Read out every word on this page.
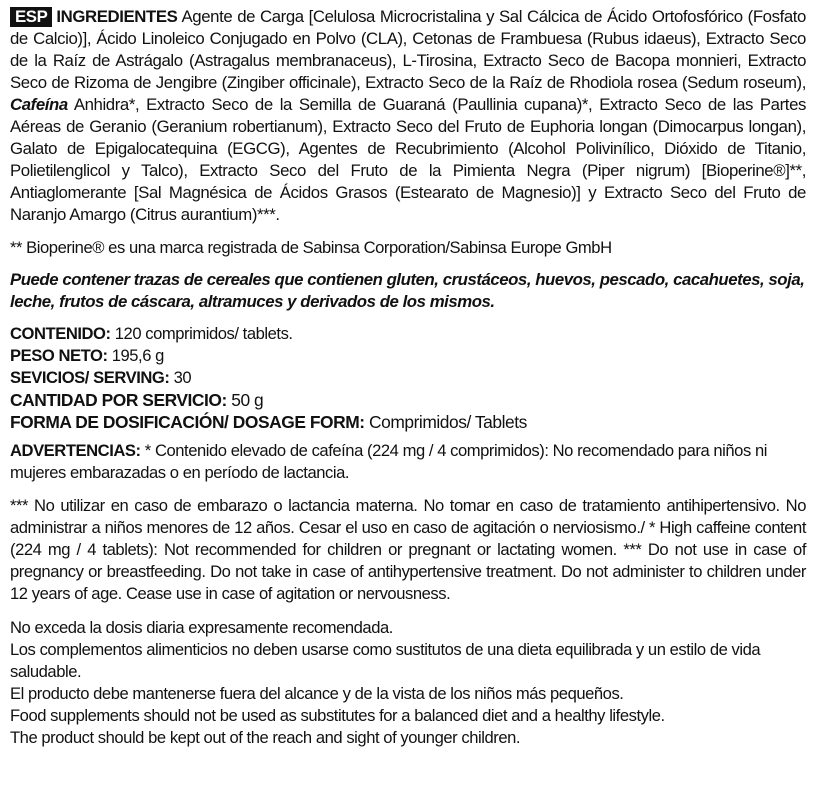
ESP INGREDIENTES Agente de Carga [Celulosa Microcristalina y Sal Cálcica de Ácido Ortofosfórico (Fosfato de Calcio)], Ácido Linoleico Conjugado en Polvo (CLA), Cetonas de Frambuesa (Rubus idaeus), Extracto Seco de la Raíz de Astrágalo (Astragalus membranaceus), L-Tirosina, Extracto Seco de Bacopa monnieri, Extracto Seco de Rizoma de Jengibre (Zingiber officinale), Extracto Seco de la Raíz de Rhodiola rosea (Sedum roseum), Cafeína Anhidra*, Extracto Seco de la Semilla de Guaraná (Paullinia cupana)*, Extracto Seco de las Partes Aéreas de Geranio (Geranium robertianum), Extracto Seco del Fruto de Euphoria longan (Dimocarpus longan), Galato de Epigalocatequina (EGCG), Agentes de Recubrimiento (Alcohol Polivinílico, Dióxido de Titanio, Polietilenglicol y Talco), Extracto Seco del Fruto de la Pimienta Negra (Piper nigrum) [Bioperine®]**, Antiaglomerante [Sal Magnésica de Ácidos Grasos (Estearato de Magnesio)] y Extracto Seco del Fruto de Naranjo Amargo (Citrus aurantium)***.

** Bioperine® es una marca registrada de Sabinsa Corporation/Sabinsa Europe GmbH

Puede contener trazas de cereales que contienen gluten, crustáceos, huevos, pescado, cacahuetes, soja, leche, frutos de cáscara, altramuces y derivados de los mismos.

CONTENIDO: 120 comprimidos/ tablets.
PESO NETO: 195,6 g
SEVICIOS/ SERVING: 30
CANTIDAD POR SERVICIO: 50 g
FORMA DE DOSIFICACIÓN/ DOSAGE FORM: Comprimidos/ Tablets

ADVERTENCIAS: * Contenido elevado de cafeína (224 mg / 4 comprimidos): No recomendado para niños ni mujeres embarazadas o en período de lactancia.

*** No utilizar en caso de embarazo o lactancia materna. No tomar en caso de tratamiento antihipertensivo. No administrar a niños menores de 12 años. Cesar el uso en caso de agitación o nerviosismo./ * High caffeine content (224 mg / 4 tablets): Not recommended for children or pregnant or lactating women. *** Do not use in case of pregnancy or breastfeeding. Do not take in case of antihypertensive treatment. Do not administer to children under 12 years of age. Cease use in case of agitation or nervousness.

No exceda la dosis diaria expresamente recomendada.
Los complementos alimenticios no deben usarse como sustitutos de una dieta equilibrada y un estilo de vida saludable.
El producto debe mantenerse fuera del alcance y de la vista de los niños más pequeños.
Food supplements should not be used as substitutes for a balanced diet and a healthy lifestyle.
The product should be kept out of the reach and sight of younger children.
